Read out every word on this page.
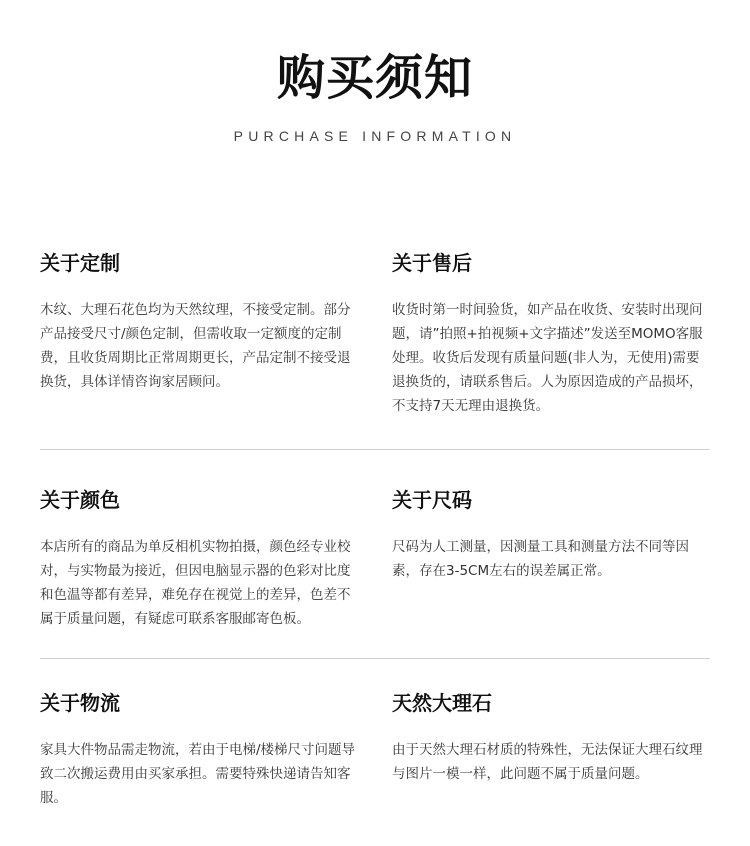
购买须知
PURCHASE INFORMATION
关于定制

木纹、大理石花色均为天然纹理，不接受定制。部分产品接受尺寸/颜色定制，但需收取一定额度的定制费，且收货周期比正常周期更长，产品定制不接受退换货，具体详情咨询家居顾问。

关于售后

收货时第一时间验货，如产品在收货、安装时出现问题，请”拍照+拍视频+文字描述”发送至MOMO客服处理。收货后发现有质量问题(非人为，无使用)需要退换货的，请联系售后。人为原因造成的产品损坏，不支持7天无理由退换货。

关于颜色

本店所有的商品为单反相机实物拍摄，颜色经专业校对，与实物最为接近，但因电脑显示器的色彩对比度和色温等都有差异，难免存在视觉上的差异，色差不属于质量问题，有疑虑可联系客服邮寄色板。

关于尺码

尺码为人工测量，因测量工具和测量方法不同等因素，存在3-5CM左右的误差属正常。

关于物流

家具大件物品需走物流，若由于电梯/楼梯尺寸问题导致二次搬运费用由买家承担。需要特殊快递请告知客服。

天然大理石

由于天然大理石材质的特殊性，无法保证大理石纹理与图片一模一样，此问题不属于质量问题。
